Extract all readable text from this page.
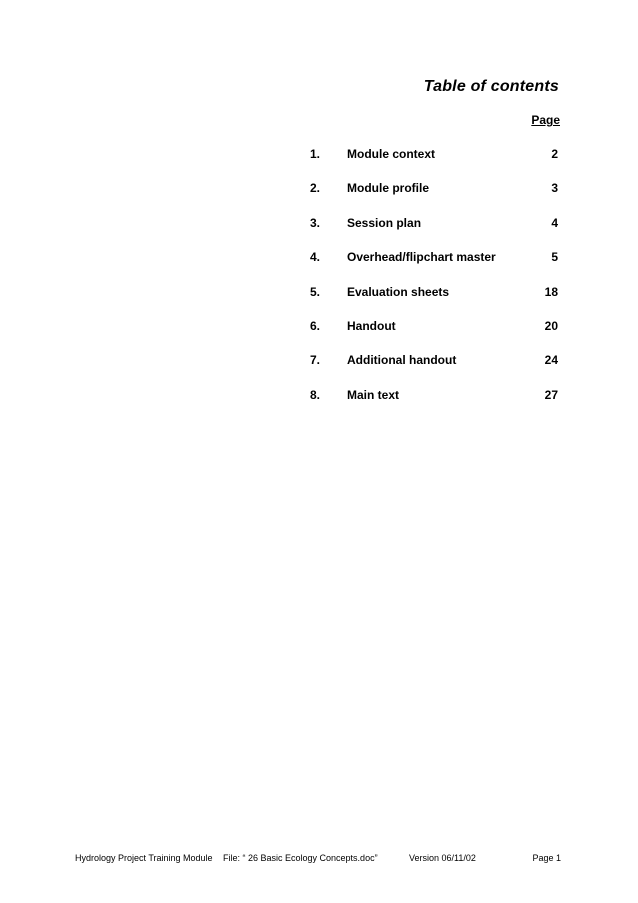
Table of contents
Page
1. Module context	2
2. Module profile	3
3. Session plan	4
4. Overhead/flipchart master	5
5. Evaluation sheets	18
6. Handout	20
7. Additional handout	24
8. Main text	27
Hydrology Project Training Module File: “ 26 Basic Ecology Concepts.doc”	Version 06/11/02	Page 1
